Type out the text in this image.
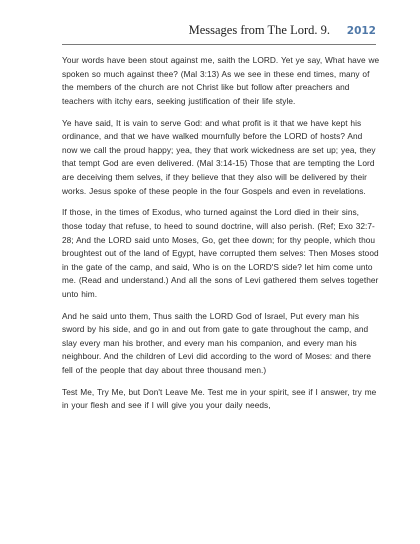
Messages from The Lord. 9. 2012

Your words have been stout against me, saith the LORD. Yet ye say, What have we spoken so much against thee? (Mal 3:13) As we see in these end times, many of the members of the church are not Christ like but follow after preachers and teachers with itchy ears, seeking justification of their life style.

Ye have said, It is vain to serve God: and what profit is it that we have kept his ordinance, and that we have walked mournfully before the LORD of hosts? And now we call the proud happy; yea, they that work wickedness are set up; yea, they that tempt God are even delivered. (Mal 3:14-15) Those that are tempting the Lord are deceiving them selves, if they believe that they also will be delivered by their works. Jesus spoke of these people in the four Gospels and even in revelations.

If those, in the times of Exodus, who turned against the Lord died in their sins, those today that refuse, to heed to sound doctrine, will also perish. (Ref; Exo 32:7-28; And the LORD said unto Moses, Go, get thee down; for thy people, which thou broughtest out of the land of Egypt, have corrupted them selves: Then Moses stood in the gate of the camp, and said, Who is on the LORD'S side? let him come unto me. (Read and understand.) And all the sons of Levi gathered them selves together unto him.

And he said unto them, Thus saith the LORD God of Israel, Put every man his sword by his side, and go in and out from gate to gate throughout the camp, and slay every man his brother, and every man his companion, and every man his neighbour. And the children of Levi did according to the word of Moses: and there fell of the people that day about three thousand men.)

Test Me, Try Me, but Don't Leave Me. Test me in your spirit, see if I answer, try me in your flesh and see if I will give you your daily needs,
